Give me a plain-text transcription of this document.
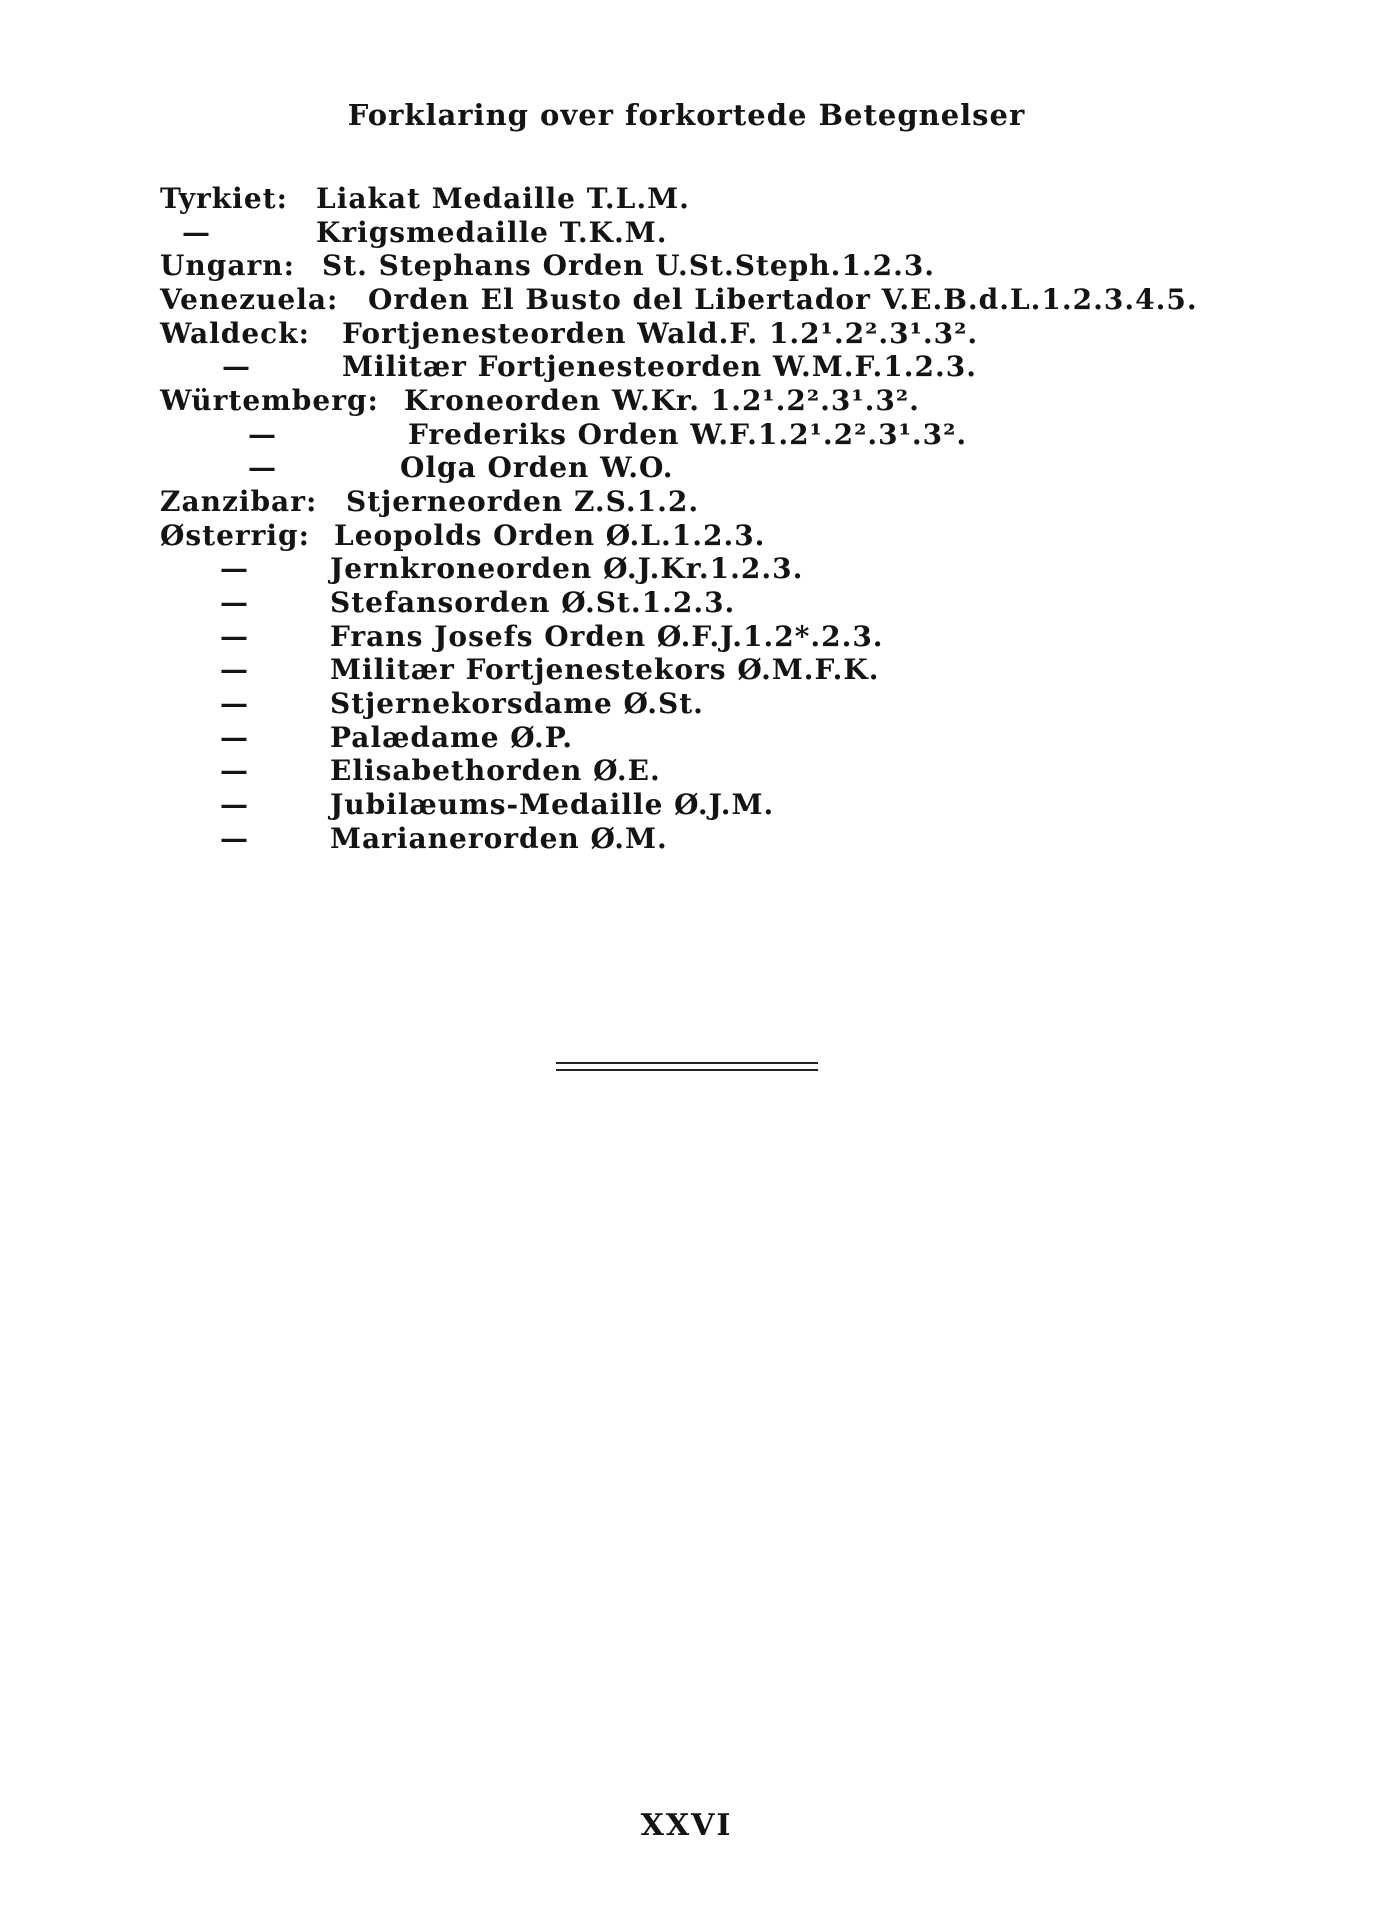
Forklaring over forkortede Betegnelser
Tyrkiet: Liakat Medaille T.L.M.
—	Krigsmedaille T.K.M.
Ungarn: St. Stephans Orden U.St.Steph.1.2.3.
Venezuela: Orden El Busto del Libertador V.E.B.d.L.1.2.3.4.5.
Waldeck: Fortjenesteorden Wald.F. 1.2¹.2².3¹.3².
—	Militær Fortjenesteorden W.M.F.1.2.3.
Würtemberg: Kroneorden W.Kr. 1.2¹.2².3¹.3².
—	Frederiks Orden W.F.1.2¹.2².3¹.3².
—	Olga Orden W.O.
Zanzibar: Stjerneorden Z.S.1.2.
Østerrig: Leopolds Orden Ø.L.1.2.3.
—	Jernkroneorden Ø.J.Kr.1.2.3.
—	Stefansorden Ø.St.1.2.3.
—	Frans Josefs Orden Ø.F.J.1.2*.2.3.
—	Militær Fortjenestekors Ø.M.F.K.
—	Stjernekorsdame Ø.St.
—	Palædame Ø.P.
—	Elisabethorden Ø.E.
—	Jubilæums-Medaille Ø.J.M.
—	Marianerorden Ø.M.
XXVI
